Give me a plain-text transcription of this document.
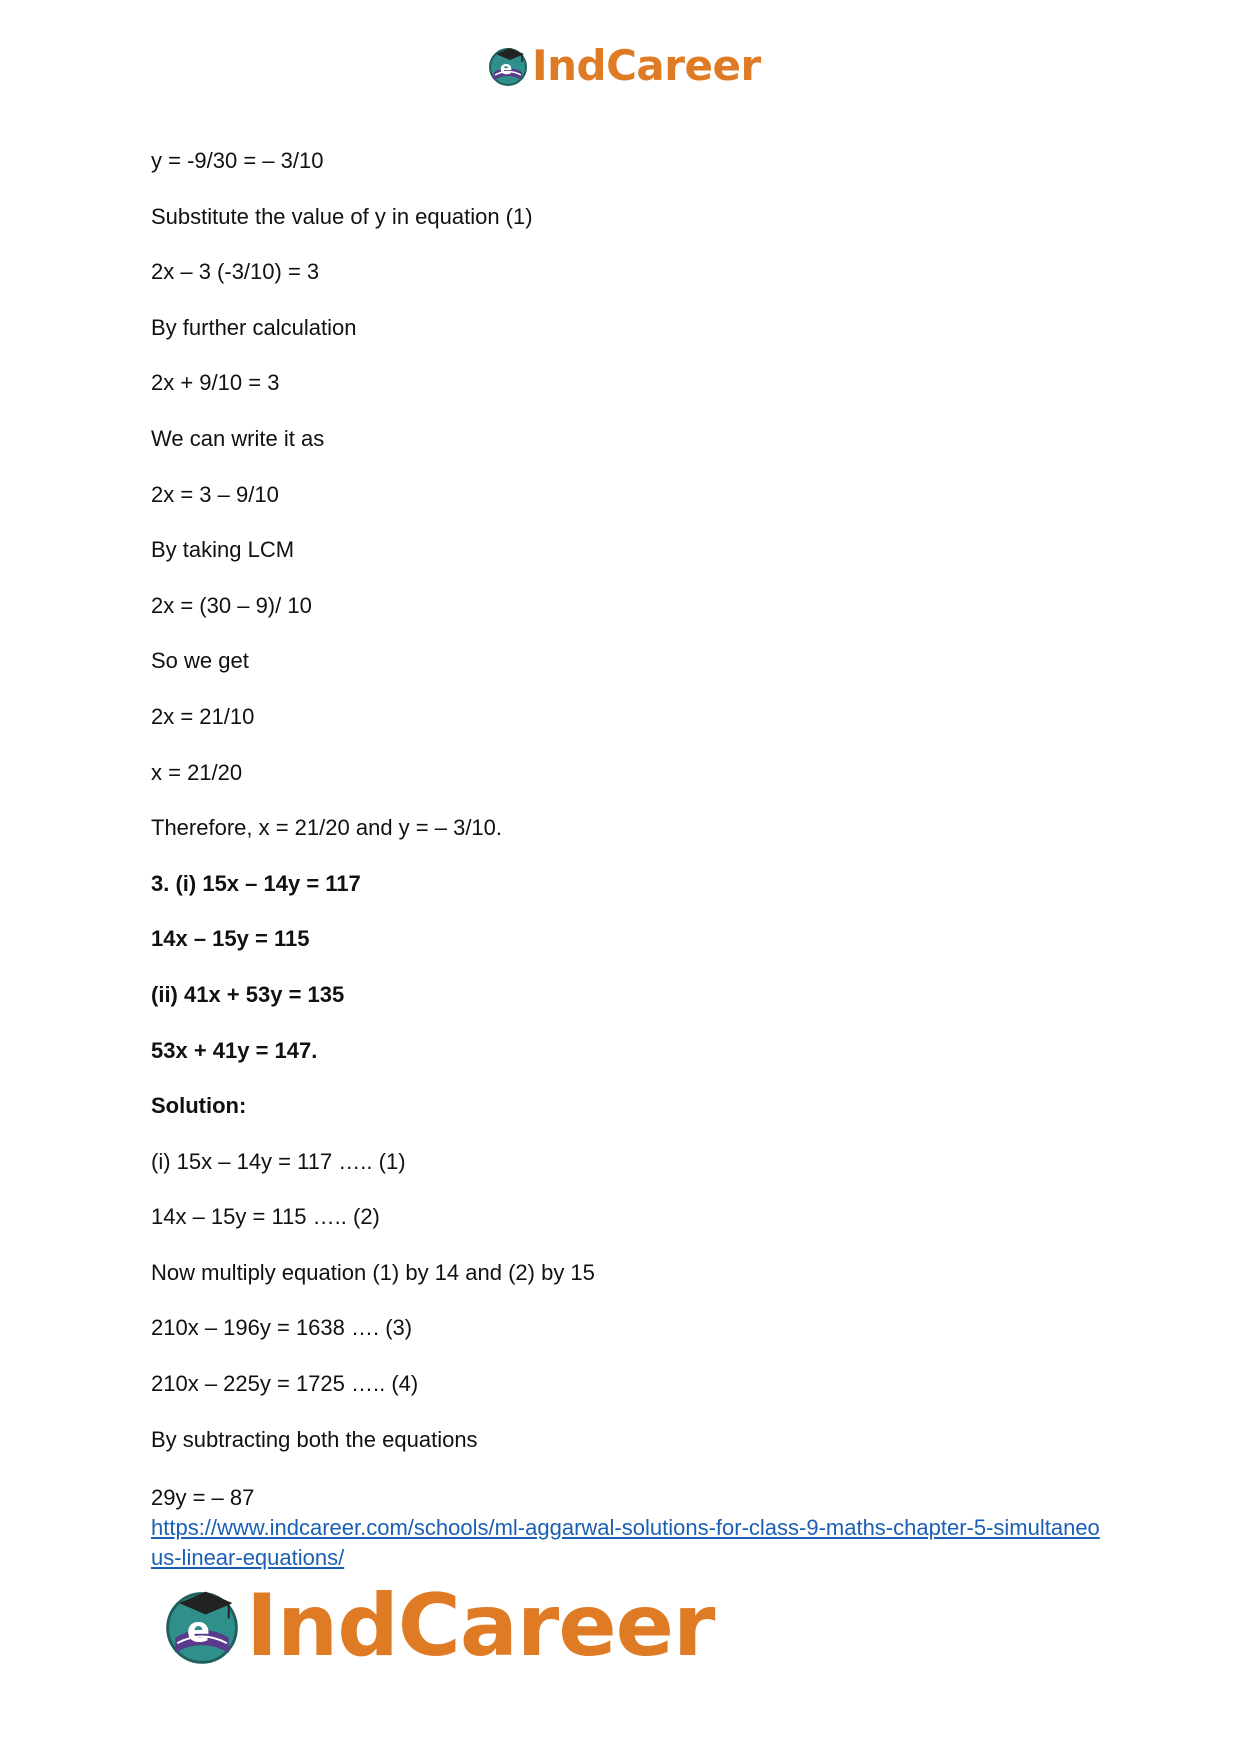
e IndCareer

y = -9/30 = – 3/10

Substitute the value of y in equation (1)

2x – 3 (-3/10) = 3

By further calculation

2x + 9/10 = 3

We can write it as

2x = 3 – 9/10

By taking LCM

2x = (30 – 9)/ 10

So we get

2x = 21/10

x = 21/20

Therefore, x = 21/20 and y = – 3/10.

3. (i) 15x – 14y = 117

14x – 15y = 115

(ii) 41x + 53y = 135

53x + 41y = 147.

Solution:

(i) 15x – 14y = 117 ….. (1)

14x – 15y = 115 ….. (2)

Now multiply equation (1) by 14 and (2) by 15

210x – 196y = 1638 …. (3)

210x – 225y = 1725 ….. (4)

By subtracting both the equations

29y = – 87
https://www.indcareer.com/schools/ml-aggarwal-solutions-for-class-9-maths-chapter-5-simultaneous-linear-equations/
e IndCareer
